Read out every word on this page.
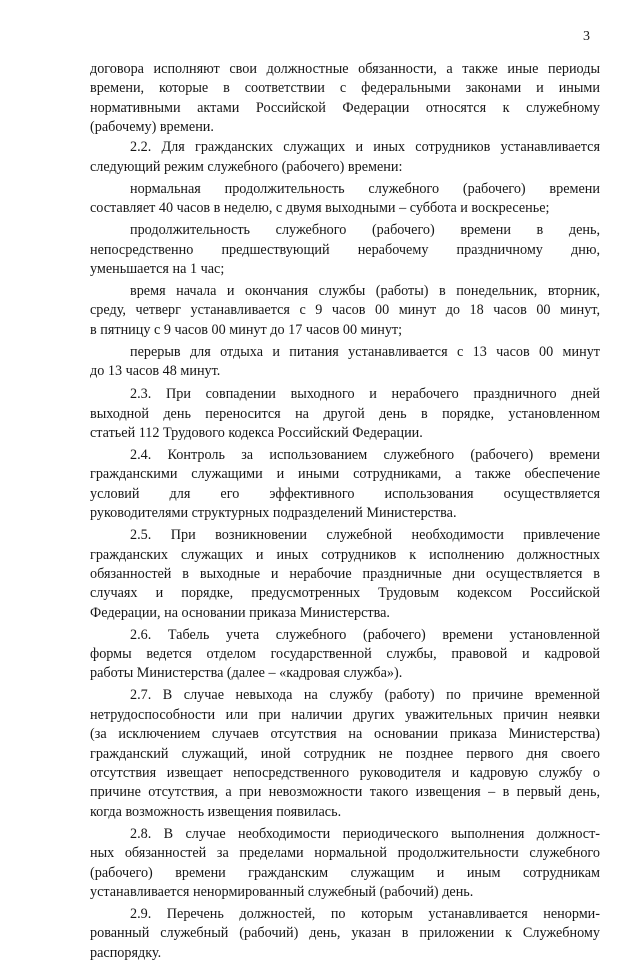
3
договора исполняют свои должностные обязанности, а также иные периоды
времени, которые в соответствии с федеральными законами и иными
нормативными актами Российской Федерации относятся к служебному
(рабочему) времени.
2.2. Для гражданских служащих и иных сотрудников устанавливается
следующий режим служебного (рабочего) времени:
нормальная продолжительность служебного (рабочего) времени
составляет 40 часов в неделю, с двумя выходными – суббота и воскресенье;
продолжительность служебного (рабочего) времени в день,
непосредственно предшествующий нерабочему праздничному дню,
уменьшается на 1 час;
время начала и окончания службы (работы) в понедельник, вторник,
среду, четверг устанавливается с 9 часов 00 минут до 18 часов 00 минут,
в пятницу с 9 часов 00 минут до 17 часов 00 минут;
перерыв для отдыха и питания устанавливается с 13 часов 00 минут
до 13 часов 48 минут.
2.3. При совпадении выходного и нерабочего праздничного дней
выходной день переносится на другой день в порядке, установленном
статьей 112 Трудового кодекса Российский Федерации.
2.4. Контроль за использованием служебного (рабочего) времени
гражданскими служащими и иными сотрудниками, а также обеспечение
условий для его эффективного использования осуществляется
руководителями структурных подразделений Министерства.
2.5. При возникновении служебной необходимости привлечение
гражданских служащих и иных сотрудников к исполнению должностных
обязанностей в выходные и нерабочие праздничные дни осуществляется в
случаях и порядке, предусмотренных Трудовым кодексом Российской
Федерации, на основании приказа Министерства.
2.6. Табель учета служебного (рабочего) времени установленной
формы ведется отделом государственной службы, правовой и кадровой
работы Министерства (далее – «кадровая служба»).
2.7. В случае невыхода на службу (работу) по причине временной
нетрудоспособности или при наличии других уважительных причин неявки
(за исключением случаев отсутствия на основании приказа Министерства)
гражданский служащий, иной сотрудник не позднее первого дня своего
отсутствия извещает непосредственного руководителя и кадровую службу о
причине отсутствия, а при невозможности такого извещения – в первый день,
когда возможность извещения появилась.
2.8. В случае необходимости периодического выполнения должност-
ных обязанностей за пределами нормальной продолжительности служебного
(рабочего) времени гражданским служащим и иным сотрудникам
устанавливается ненормированный служебный (рабочий) день.
2.9. Перечень должностей, по которым устанавливается ненорми-
рованный служебный (рабочий) день, указан в приложении к Служебному
распорядку.
